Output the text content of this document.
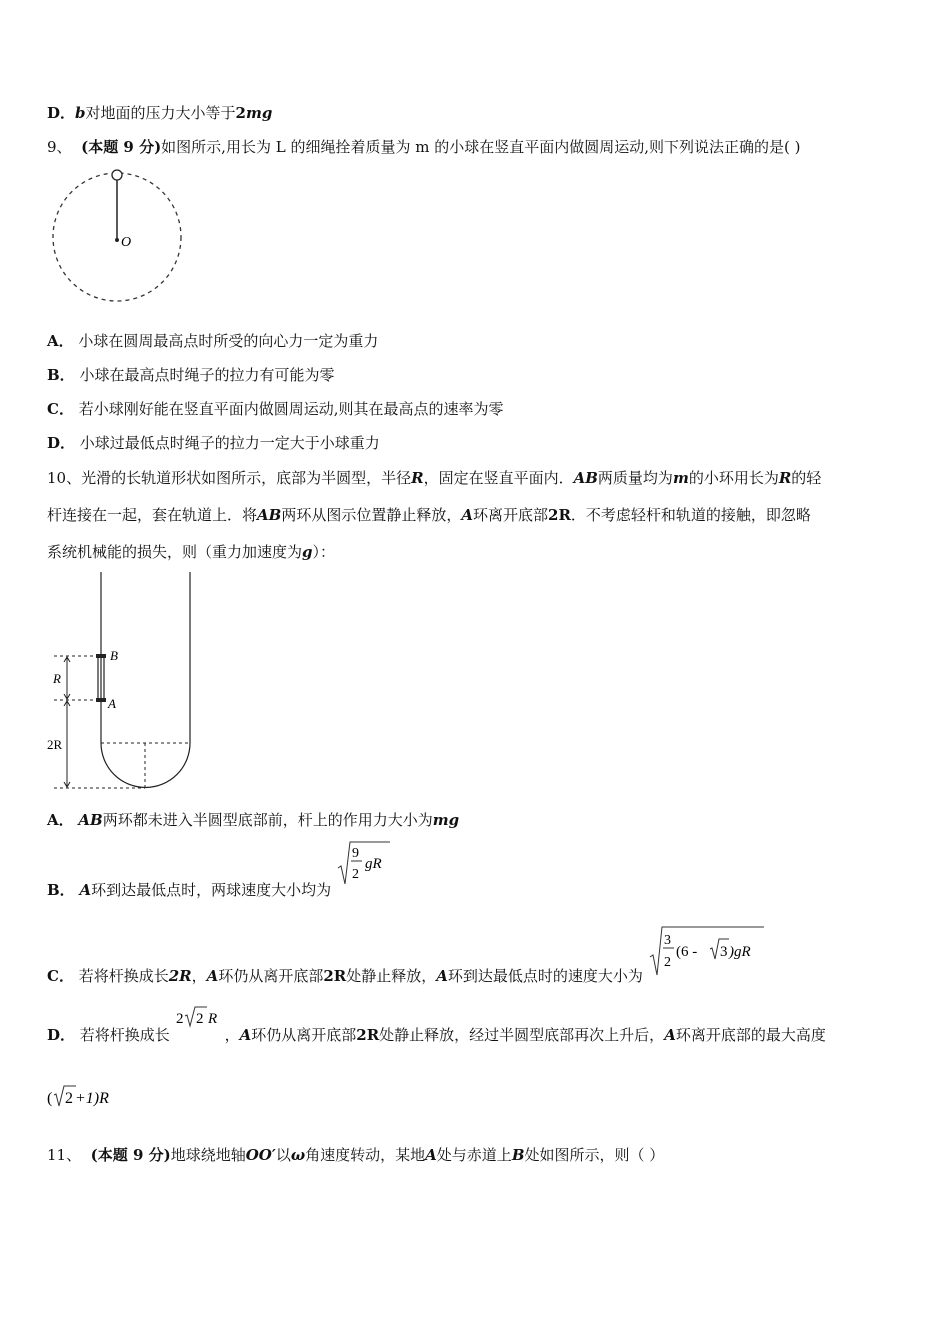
D．b对地面的压力大小等于2mg
9、 (本题 9 分)如图所示,用长为 L 的细绳拴着质量为 m 的小球在竖直平面内做圆周运动,则下列说法正确的是( )
O
A． 小球在圆周最高点时所受的向心力一定为重力
B． 小球在最高点时绳子的拉力有可能为零
C． 若小球刚好能在竖直平面内做圆周运动,则其在最高点的速率为零
D． 小球过最低点时绳子的拉力一定大于小球重力
10、光滑的长轨道形状如图所示，底部为半圆型，半径R，固定在竖直平面内．AB两质量均为m的小环用长为R的轻
杆连接在一起，套在轨道上．将AB两环从图示位置静止释放，A环离开底部2R．不考虑轻杆和轨道的接触，即忽略
系统机械能的损失，则（重力加速度为g）：
B
A
R
2R
A． AB两环都未进入半圆型底部前，杆上的作用力大小为mg
B． A环到达最低点时，两球速度大小均为
9
2
gR
C． 若将杆换成长2R，A环仍从离开底部2R处静止释放，A环到达最低点时的速度大小为
3
2
(6 - 3 )gR
D． 若将杆换成长
2 2 R
，A环仍从离开底部2R处静止释放，经过半圆型底部再次上升后，A环离开底部的最大高度
( 2 +1)R
11、 (本题 9 分)地球绕地轴OO′以ω角速度转动，某地A处与赤道上B处如图所示，则（ ）
